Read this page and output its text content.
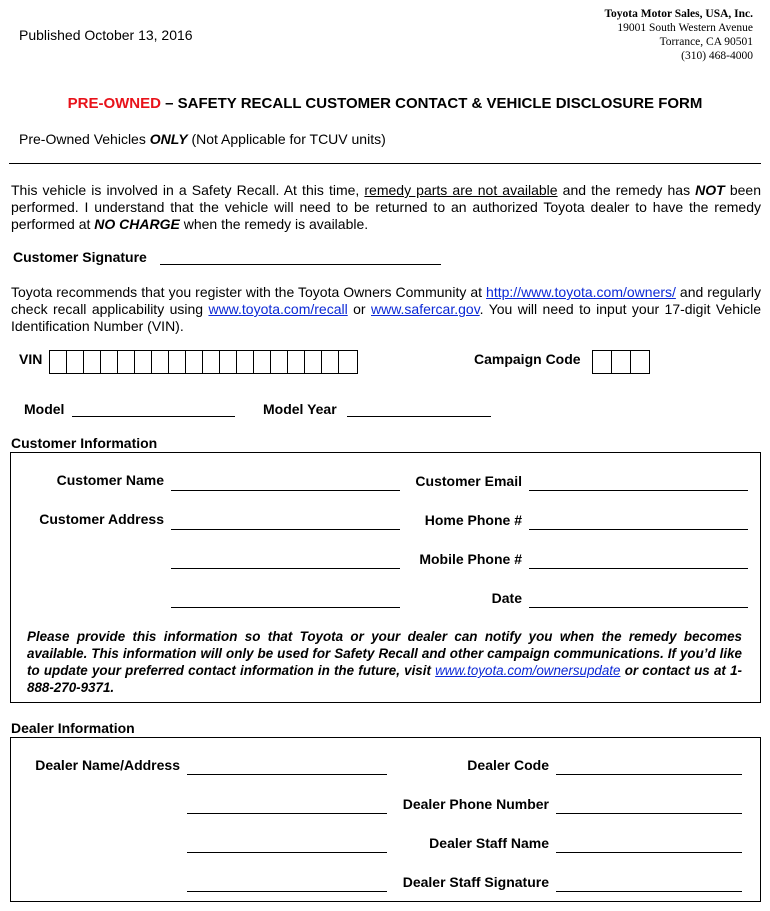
Published October 13, 2016
Toyota Motor Sales, USA, Inc.
19001 South Western Avenue
Torrance, CA 90501
(310) 468-4000
PRE-OWNED – SAFETY RECALL CUSTOMER CONTACT & VEHICLE DISCLOSURE FORM
Pre-Owned Vehicles ONLY (Not Applicable for TCUV units)
This vehicle is involved in a Safety Recall. At this time, remedy parts are not available and the remedy has NOT been performed. I understand that the vehicle will need to be returned to an authorized Toyota dealer to have the remedy performed at NO CHARGE when the remedy is available.
Customer Signature
Toyota recommends that you register with the Toyota Owners Community at http://www.toyota.com/owners/ and regularly check recall applicability using www.toyota.com/recall or www.safercar.gov. You will need to input your 17-digit Vehicle Identification Number (VIN).
VIN	Campaign Code
Model	Model Year
Customer Information
Customer Name	Customer Email
Customer Address	Home Phone #
Mobile Phone #
Date
Please provide this information so that Toyota or your dealer can notify you when the remedy becomes available. This information will only be used for Safety Recall and other campaign communications. If you’d like to update your preferred contact information in the future, visit www.toyota.com/ownersupdate or contact us at 1-888-270-9371.
Dealer Information
Dealer Name/Address	Dealer Code
Dealer Phone Number
Dealer Staff Name
Dealer Staff Signature
